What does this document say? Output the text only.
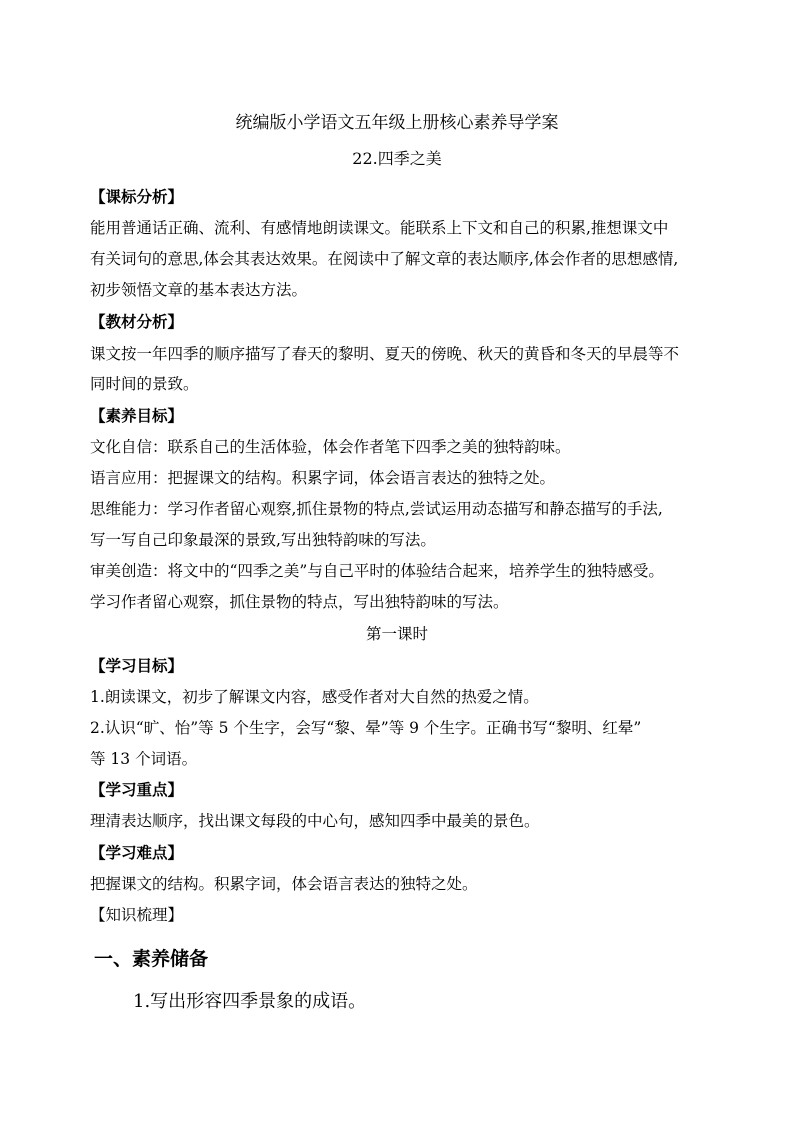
统编版小学语文五年级上册核心素养导学案
22.四季之美
【课标分析】
能用普通话正确、流利、有感情地朗读课文。能联系上下文和自己的积累,推想课文中
有关词句的意思,体会其表达效果。在阅读中了解文章的表达顺序,体会作者的思想感情,
初步领悟文章的基本表达方法。
【教材分析】
课文按一年四季的顺序描写了春天的黎明、夏天的傍晚、秋天的黄昏和冬天的早晨等不
同时间的景致。
【素养目标】
文化自信：联系自己的生活体验，体会作者笔下四季之美的独特韵味。
语言应用：把握课文的结构。积累字词，体会语言表达的独特之处。
思维能力：学习作者留心观察,抓住景物的特点,尝试运用动态描写和静态描写的手法,
写一写自己印象最深的景致,写出独特韵味的写法。
审美创造：将文中的“四季之美”与自己平时的体验结合起来，培养学生的独特感受。
学习作者留心观察，抓住景物的特点，写出独特韵味的写法。
第一课时
【学习目标】
1.朗读课文，初步了解课文内容，感受作者对大自然的热爱之情。
2.认识“旷、怡”等 5 个生字，会写“黎、晕”等 9 个生字。正确书写“黎明、红晕”
等 13 个词语。
【学习重点】
理清表达顺序，找出课文每段的中心句，感知四季中最美的景色。
【学习难点】
把握课文的结构。积累字词，体会语言表达的独特之处。
【知识梳理】
一、素养储备
1.写出形容四季景象的成语。
